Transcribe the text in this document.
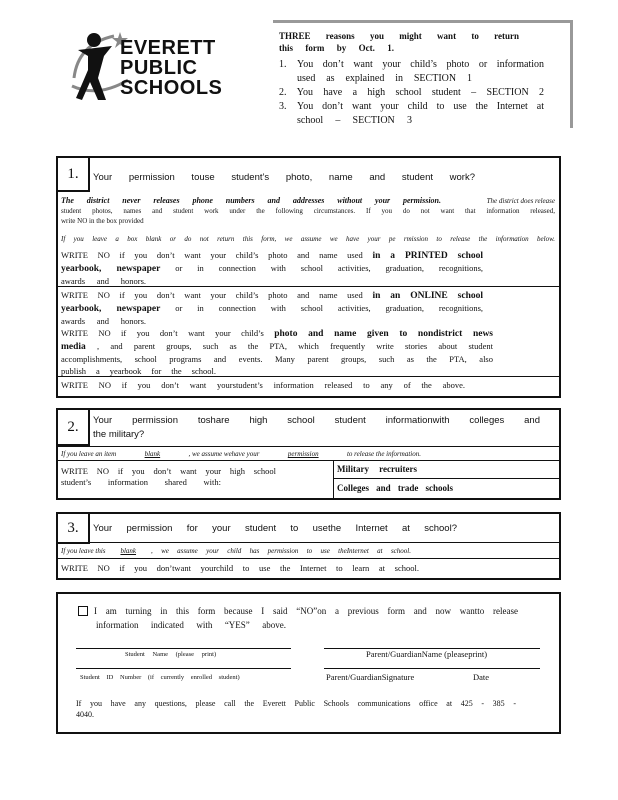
EVERETT
PUBLIC
SCHOOLS
THREE reasons you might want to return
this form by Oct. 1.
1.	You don’t want your child’s photo or information
used as explained in SECTION 1
2.	You have a high school student – SECTION 2
3.	You don’t want your child to use the Internet at
school – SECTION 3
1.	Your permission touse student’s photo, name and student work?
The district never releases phone numbers and addresses without your permission.	The district does release
student photos, names and student work under the following circumstances. If you do not want that information released,
write NO in the box provided
If you leave a box blank or do not return this form, we assume we have your pe rmission to release the information below.
WRITE NO if you don’t want your child’s photo and name used in a PRINTED school
yearbook, newspaper or in connection with school activities, graduation, recognitions,
awards and honors.
WRITE NO if you don’t want your child’s photo and name used in an ONLINE school
yearbook, newspaper or in connection with school activities, graduation, recognitions,
awards and honors.
WRITE NO if you don’t want your child’s photo and name given to nondistrict news
media , and parent groups, such as the PTA, which frequently write stories about student
accomplishments, school programs and events. Many parent groups, such as the PTA, also
publish a yearbook for the school.
WRITE NO if you don’t want yourstudent’s information released to any of the above.
2.	Your permission toshare high school student informationwith colleges and
the military?
If you leave an item	blank	, we assume wehave your	permission	to release the information.
WRITE NO if you don’t want your high school
student’s information shared with:
Military recruiters
Colleges and trade schools
3.	Your permission for your student to usethe Internet at school?
If you leave this blank , we assume your child has permission to use theInternet at school.
WRITE NO if you don’twant yourchild to use the Internet to learn at school.
I am turning in this form because I said “NO”on a previous form and now wantto release
information indicated with “YES” above.
Student Name (please print)	Parent/GuardianName (pleaseprint)
Student ID Number (if currently enrolled student)	Parent/GuardianSignature	Date
If you have any questions, please call the Everett Public Schools communications office at 425 - 385 -
4040.
